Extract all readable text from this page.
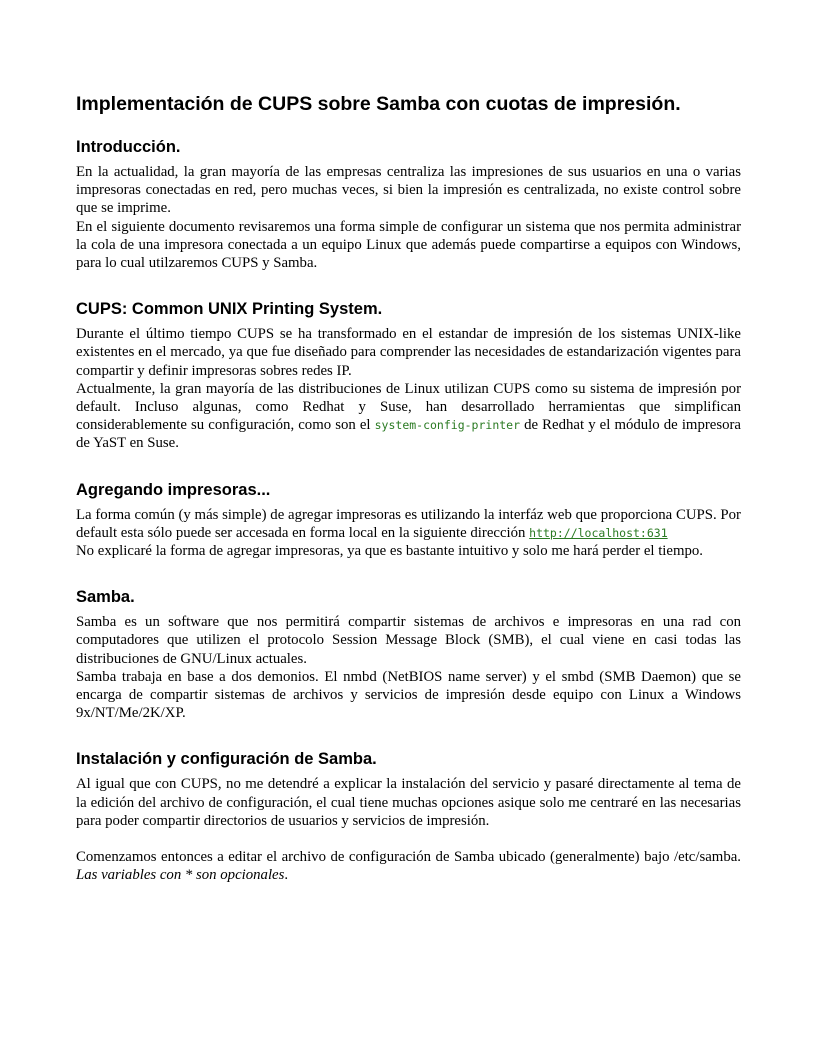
Implementación de CUPS sobre Samba con cuotas de impresión.
Introducción.

En la actualidad, la gran mayoría de las empresas centraliza las impresiones de sus usuarios en una o varias impresoras conectadas en red, pero muchas veces, si bien la impresión es centralizada, no existe control sobre que se imprime.

En el siguiente documento revisaremos una forma simple de configurar un sistema que nos permita administrar la cola de una impresora conectada a un equipo Linux que además puede compartirse a equipos con Windows, para lo cual utilzaremos CUPS y Samba.

CUPS: Common UNIX Printing System.

Durante el último tiempo CUPS se ha transformado en el estandar de impresión de los sistemas UNIX-like existentes en el mercado, ya que fue diseñado para comprender las necesidades de estandarización vigentes para compartir y definir impresoras sobres redes IP.

Actualmente, la gran mayoría de las distribuciones de Linux utilizan CUPS como su sistema de impresión por default. Incluso algunas, como Redhat y Suse, han desarrollado herramientas que simplifican considerablemente su configuración, como son el system-config-printer de Redhat y el módulo de impresora de YaST en Suse.

Agregando impresoras...

La forma común (y más simple) de agregar impresoras es utilizando la interfáz web que proporciona CUPS. Por default esta sólo puede ser accesada en forma local en la siguiente dirección http://localhost:631

No explicaré la forma de agregar impresoras, ya que es bastante intuitivo y solo me hará perder el tiempo.

Samba.

Samba es un software que nos permitirá compartir sistemas de archivos e impresoras en una rad con computadores que utilizen el protocolo Session Message Block (SMB), el cual viene en casi todas las distribuciones de GNU/Linux actuales.

Samba trabaja en base a dos demonios. El nmbd (NetBIOS name server) y el smbd (SMB Daemon) que se encarga de compartir sistemas de archivos y servicios de impresión desde equipo con Linux a Windows 9x/NT/Me/2K/XP.

Instalación y configuración de Samba.

Al igual que con CUPS, no me detendré a explicar la instalación del servicio y pasaré directamente al tema de la edición del archivo de configuración, el cual tiene muchas opciones asique solo me centraré en las necesarias para poder compartir directorios de usuarios y servicios de impresión.

Comenzamos entonces a editar el archivo de configuración de Samba ubicado (generalmente) bajo /etc/samba. Las variables con * son opcionales.
